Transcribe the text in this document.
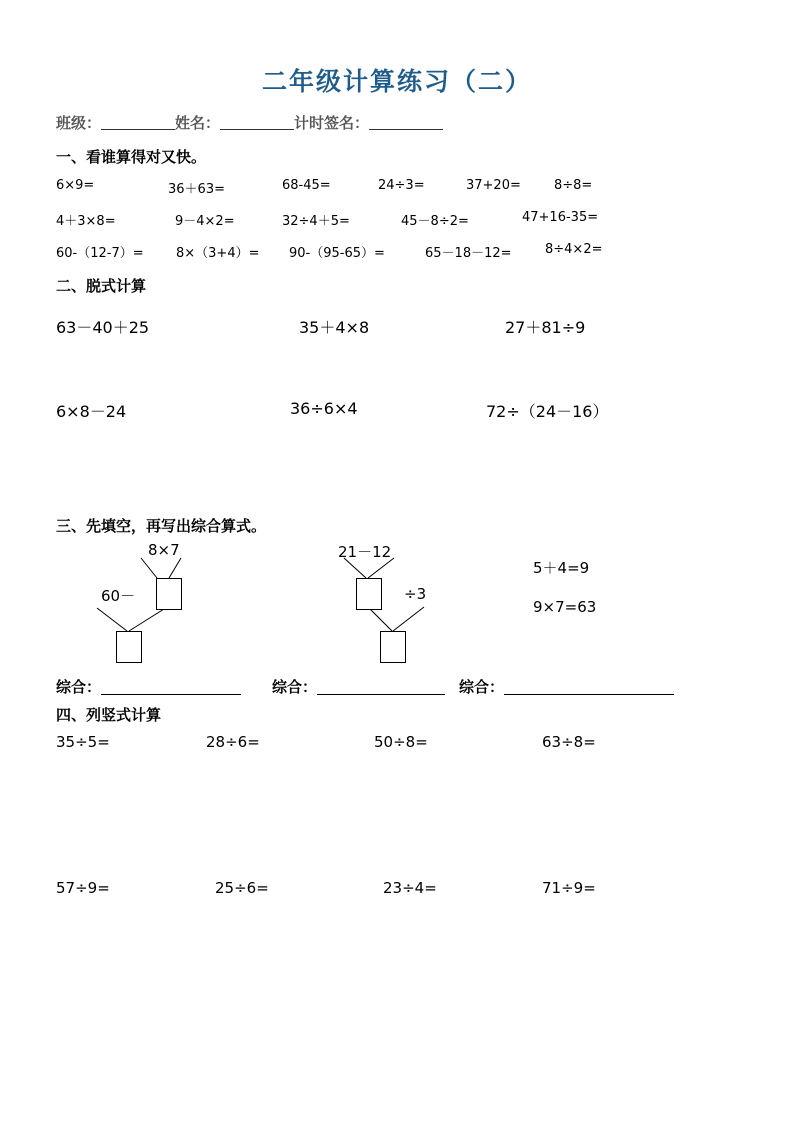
二年级计算练习（二）
班级：	姓名：	计时签名：
一、看谁算得对又快。
6×9=	36＋63=	68-45=	24÷3=	37+20=	8÷8=
4＋3×8=	9－4×2=	32÷4＋5=	45－8÷2=	47+16-35=
60-（12-7）= 8×（3+4）= 90-（95-65）=	65－18－12=	8÷4×2=
二、脱式计算
63－40＋25	35＋4×8	27＋81÷9
6×8－24	36÷6×4	72÷（24－16）
三、先填空，再写出综合算式。
8×7
60－
21－12
÷3
5＋4=9
9×7=63
综合：	综合：	综合：
四、列竖式计算
35÷5=	28÷6=	50÷8=	63÷8=
57÷9=	25÷6=	23÷4=	71÷9=
